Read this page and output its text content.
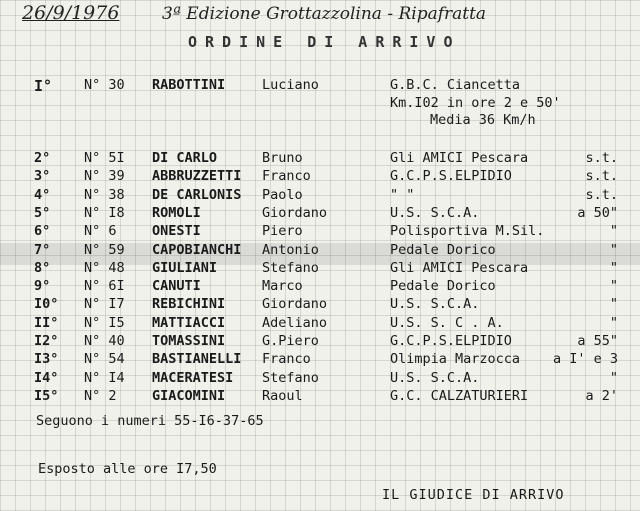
26/9/1976	3ª Edizione Grottazzolina - Ripafratta
ORDINE DI ARRIVO
I° N° 30 RABOTTINI	Luciano	G.B.C. Ciancetta
Km.I02 in ore 2 e 50'
Media 36 Km/h
2° N° 5I DI CARLO	Bruno	Gli AMICI Pescara	s.t.
3° N° 39 ABBRUZZETTI Franco	G.C.P.S.ELPIDIO	s.t.
4° N° 38 DE CARLONIS Paolo	" "	s.t.
5° N° I8 ROMOLI	Giordano	U.S. S.C.A.	a 50"
6° N° 6	ONESTI	Piero	Polisportiva M.Sil.	"
7° N° 59 CAPOBIANCHI Antonio	Pedale Dorico	"
8° N° 48 GIULIANI	Stefano	Gli AMICI Pescara	"
9° N° 6I CANUTI	Marco	Pedale Dorico	"
I0° N° I7 REBICHINI	Giordano	U.S. S.C.A.	"
II° N° I5 MATTIACCI	Adeliano	U.S. S. C . A.	"
I2° N° 40 TOMASSINI	G.Piero	G.C.P.S.ELPIDIO	a 55"
I3° N° 54 BASTIANELLI Franco	Olimpia Marzocca a I' e 3
I4° N° I4 MACERATESI Stefano	U.S. S.C.A.	"
I5° N° 2	GIACOMINI	Raoul	G.C. CALZATURIERI	a 2'
Seguono i numeri 55-I6-37-65
Esposto alle ore I7,50
IL GIUDICE DI ARRIVO
